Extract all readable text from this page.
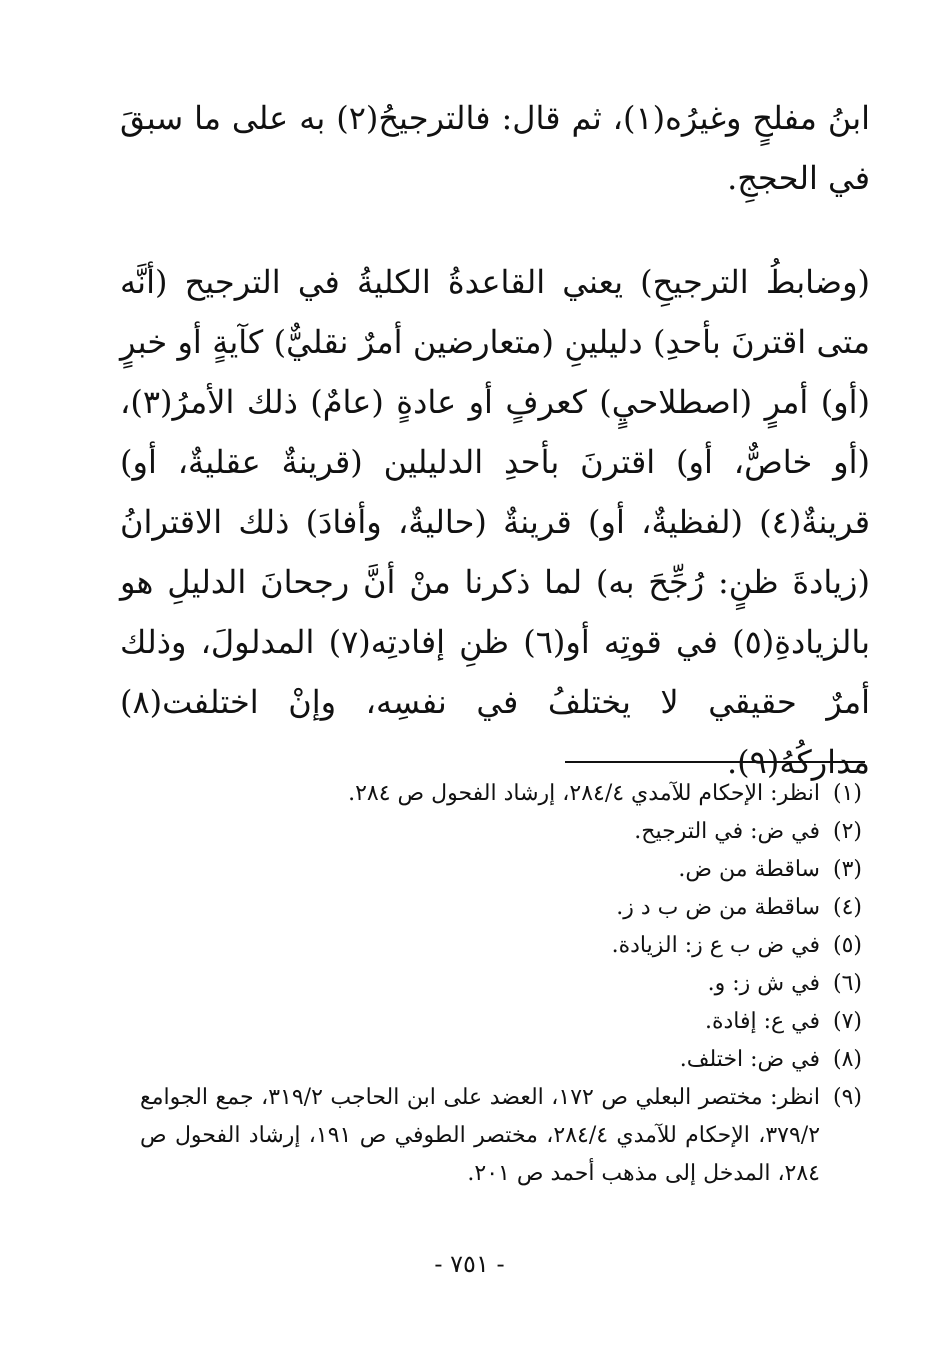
ابنُ مفلحٍ وغيرُه(١)، ثم قال: فالترجيحُ(٢) به على ما سبقَ في الحججِ.

(وضابطُ الترجيحِ) يعني القاعدةُ الكليةُ في الترجيح (أنَّه متى اقترنَ بأحدِ) دليلينِ (متعارضين أمرٌ نقليٌّ) كآيةٍ أو خبرٍ (أو) أمرٍ (اصطلاحيٍ) كعرفٍ أو عادةٍ (عامٌ) ذلك الأمرُ(٣)، (أو خاصٌّ، أو) اقترنَ بأحدِ الدليلين (قرينةٌ عقليةٌ، أو) قرينةٌ(٤) (لفظيةٌ، أو) قرينةٌ (حاليةٌ، وأفادَ) ذلك الاقترانُ (زيادةَ ظنٍ: رُجِّحَ به) لما ذكرنا منْ أنَّ رجحانَ الدليلِ هو بالزيادةِ(٥) في قوتِه أو(٦) ظنِ إفادتِه(٧) المدلولَ، وذلك أمرٌ حقيقي لا يختلفُ في نفسِه، وإنْ اختلفت(٨) مداركُهُ(٩).

(١)
انظر: الإحكام للآمدي ٢٨٤/٤، إرشاد الفحول ص ٢٨٤.
(٢)
في ض: في الترجيح.
(٣)
ساقطة من ض.
(٤)
ساقطة من ض ب د ز.
(٥)
في ض ب ع ز: الزيادة.
(٦)
في ش ز: و.
(٧)
في ع: إفادة.
(٨)
في ض: اختلف.
(٩)
انظر: مختصر البعلي ص ١٧٢، العضد على ابن الحاجب ٣١٩/٢، جمع الجوامع ٣٧٩/٢، الإحكام للآمدي ٢٨٤/٤، مختصر الطوفي ص ١٩١، إرشاد الفحول ص ٢٨٤، المدخل إلى مذهب أحمد ص ٢٠١.
- ٧٥١ -
